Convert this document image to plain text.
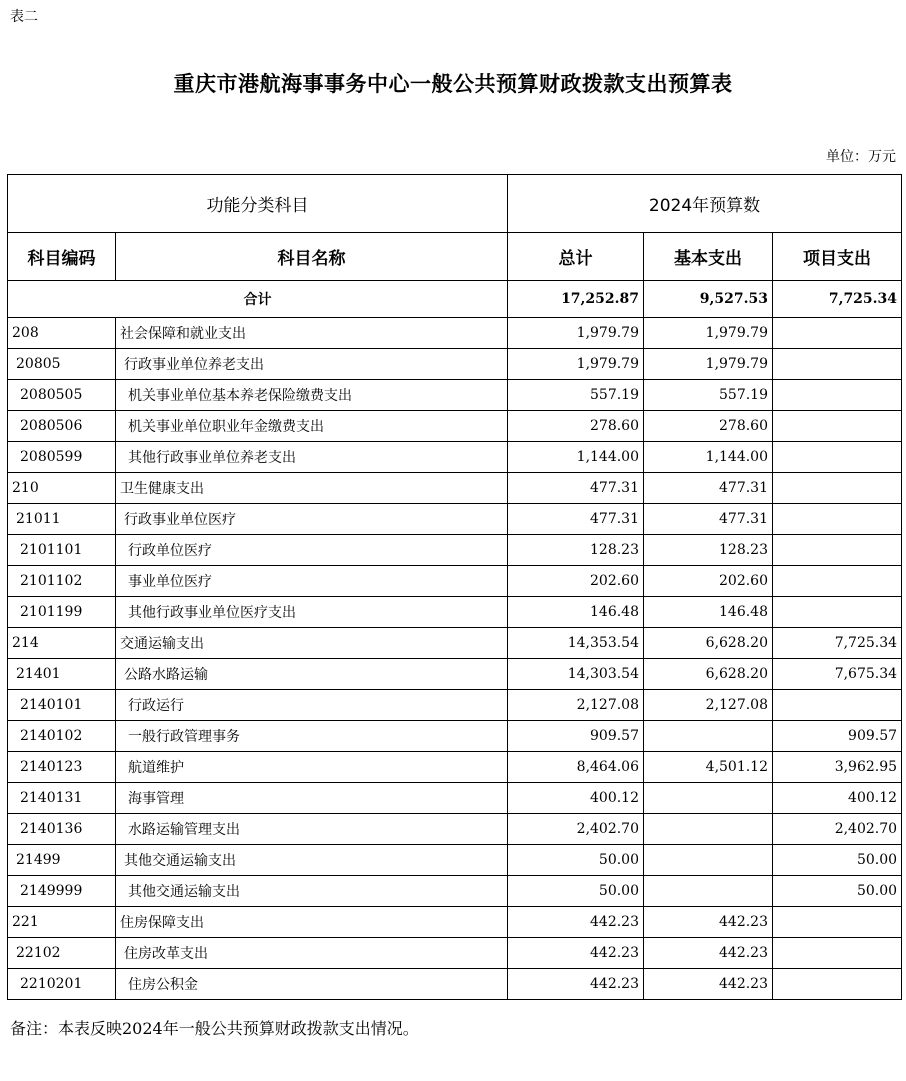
表二
重庆市港航海事事务中心一般公共预算财政拨款支出预算表
单位：万元
功能分类科目		2024年预算数		
科目编码	科目名称	总计	基本支出	项目支出
合计		17,252.87	9,527.53	7,725.34
208	社会保障和就业支出	1,979.79	1,979.79	
20805	行政事业单位养老支出	1,979.79	1,979.79	
2080505	机关事业单位基本养老保险缴费支出	557.19	557.19	
2080506	机关事业单位职业年金缴费支出	278.60	278.60	
2080599	其他行政事业单位养老支出	1,144.00	1,144.00	
210	卫生健康支出	477.31	477.31	
21011	行政事业单位医疗	477.31	477.31	
2101101	行政单位医疗	128.23	128.23	
2101102	事业单位医疗	202.60	202.60	
2101199	其他行政事业单位医疗支出	146.48	146.48	
214	交通运输支出	14,353.54	6,628.20	7,725.34
21401	公路水路运输	14,303.54	6,628.20	7,675.34
2140101	行政运行	2,127.08	2,127.08	
2140102	一般行政管理事务	909.57		909.57
2140123	航道维护	8,464.06	4,501.12	3,962.95
2140131	海事管理	400.12		400.12
2140136	水路运输管理支出	2,402.70		2,402.70
21499	其他交通运输支出	50.00		50.00
2149999	其他交通运输支出	50.00		50.00
221	住房保障支出	442.23	442.23	
22102	住房改革支出	442.23	442.23	
2210201	住房公积金	442.23	442.23	
备注：本表反映2024年一般公共预算财政拨款支出情况。
